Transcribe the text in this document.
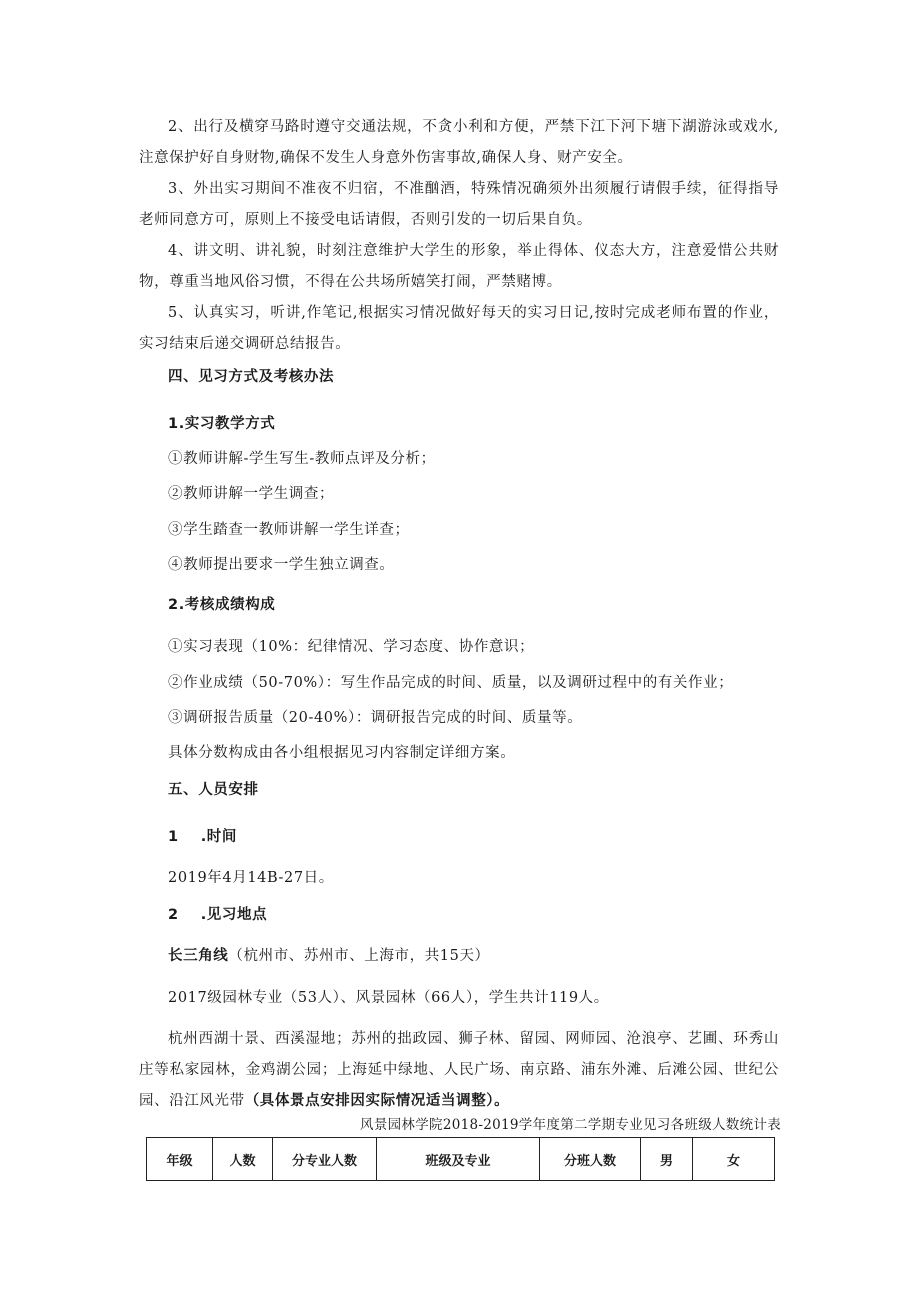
2、出行及横穿马路时遵守交通法规，不贪小利和方便，严禁下江下河下塘下湖游泳或戏水,注意保护好自身财物,确保不发生人身意外伤害事故,确保人身、财产安全。
3、外出实习期间不准夜不归宿，不准酗酒，特殊情况确须外出须履行请假手续，征得指导老师同意方可，原则上不接受电话请假，否则引发的一切后果自负。
4、讲文明、讲礼貌，时刻注意维护大学生的形象，举止得体、仪态大方，注意爱惜公共财物，尊重当地风俗习惯，不得在公共场所嬉笑打闹，严禁赌博。
5、认真实习，听讲,作笔记,根据实习情况做好每天的实习日记,按时完成老师布置的作业，实习结束后递交调研总结报告。
四、见习方式及考核办法
1.实习教学方式
①教师讲解-学生写生-教师点评及分析；
②教师讲解一学生调查；
③学生踏查一教师讲解一学生详查；
④教师提出要求一学生独立调查。
2.考核成绩构成
①实习表现（10%：纪律情况、学习态度、协作意识；
②作业成绩（50-70%）：写生作品完成的时间、质量，以及调研过程中的有关作业；
③调研报告质量（20-40%）：调研报告完成的时间、质量等。
具体分数构成由各小组根据见习内容制定详细方案。
五、人员安排
1 .时间
2019年4月14B-27日。
2 .见习地点
长三角线（杭州市、苏州市、上海市，共15天）
2017级园林专业（53人）、风景园林（66人），学生共计119人。
杭州西湖十景、西溪湿地；苏州的拙政园、狮子林、留园、网师园、沧浪亭、艺圃、环秀山庄等私家园林，金鸡湖公园；上海延中绿地、人民广场、南京路、浦东外滩、后滩公园、世纪公园、沿江风光带（具体景点安排因实际情况适当调整）。
风景园林学院2018-2019学年度第二学期专业见习各班级人数统计表
年级	人数	分专业人数	班级及专业	分班人数	男	女
